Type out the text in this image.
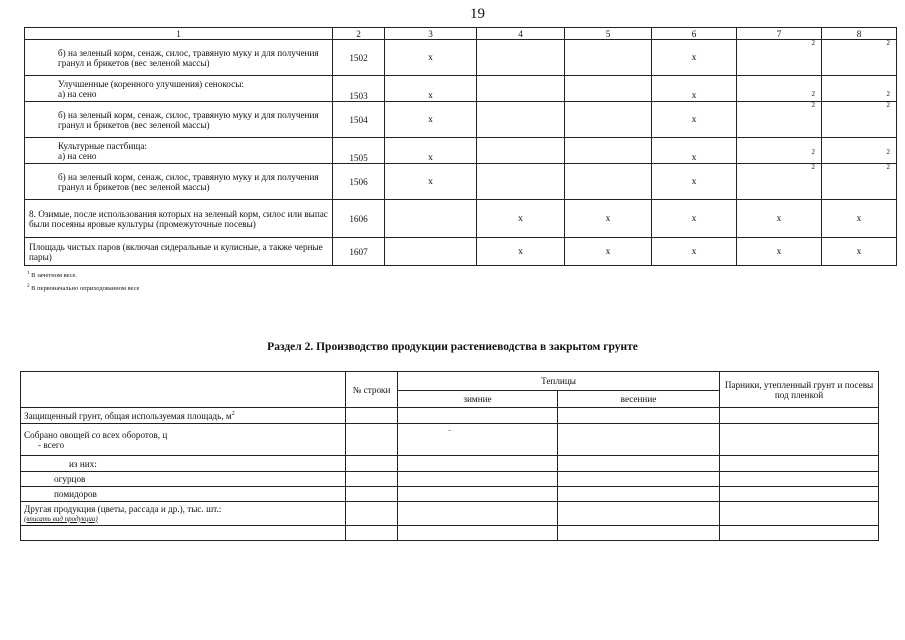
19
1	2	3	4	5	6	7	8
б) на зеленый корм, сенаж, силос, травяную муку и для получения гранул и брикетов (вес зеленой массы)	1502	x			x	2	2

Улучшенные (коренного улучшения) сенокосы:
а) на сено	1503	x			x	2	2

б) на зеленый корм, сенаж, силос, травяную муку и для получения гранул и брикетов (вес зеленой массы)	1504	x			x	2	2

Культурные пастбища:
а) на сено	1505	x			x	2	2

б) на зеленый корм, сенаж, силос, травяную муку и для получения гранул и брикетов (вес зеленой массы)	1506	x			x	2	2

8. Озимые, после использования которых на зеленый корм, силос или выпас были посеяны яровые культуры (промежуточные посевы)	1606		x	x	x	x	x
Площадь чистых паров (включая сидеральные и кулисные, а также черные пары)	1607		x	x	x	x	x
$^1$ В зачетном весе.
$^2$ В первоначально оприходованном весе
Раздел 2. Производство продукции растениеводства в закрытом грунте
	№ строки	Теплицы		Парники, утепленный грунт и посевы под пленкой
		зимние	весенние	
Защищенный грунт, общая используемая площадь, $м^2$				

Собрано овощей со всех оборотов, ц
- всего		-		
из них:				
огурцов				
помидоров				

Другая продукция (цветы, рассада и др.), тыс. шт.:
(вписать вид продукции)				
